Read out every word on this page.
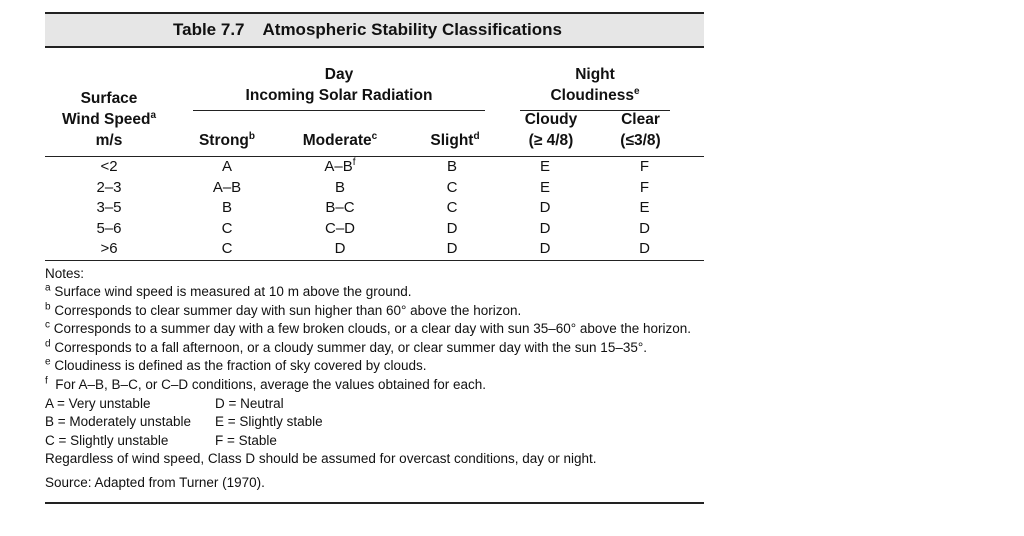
Table 7.7 Atmospheric Stability Classifications
Surface
Wind Speed$^a$
m/s
Day
Incoming Solar Radiation
Night
Cloudiness$^e$
Strong$^b$	Moderate$^c$	Slight$^d$
Cloudy
(≥ 4/8)
Clear
(≤3/8)
<2	A	$A-B^f$	B	E	F
2–3	A–B	B	C	E	F
3–5	B	B–C	C	D	E
5–6	C	C–D	D	D	D
>6	C	D	D	D	D
Notes:
$^a$ Surface wind speed is measured at 10 m above the ground.
$^b$ Corresponds to clear summer day with sun higher than 60° above the horizon.
$^c$ Corresponds to a summer day with a few broken clouds, or a clear day with sun 35–60° above the horizon.
$^d$ Corresponds to a fall afternoon, or a cloudy summer day, or clear summer day with the sun 15–35°.
$^e$ Cloudiness is defined as the fraction of sky covered by clouds.
$^f$  For A–B, B–C, or C–D conditions, average the values obtained for each.
A = Very unstable	D = Neutral
B = Moderately unstable	E = Slightly stable
C = Slightly unstable	F = Stable
Regardless of wind speed, Class D should be assumed for overcast conditions, day or night.
Source: Adapted from Turner (1970).
